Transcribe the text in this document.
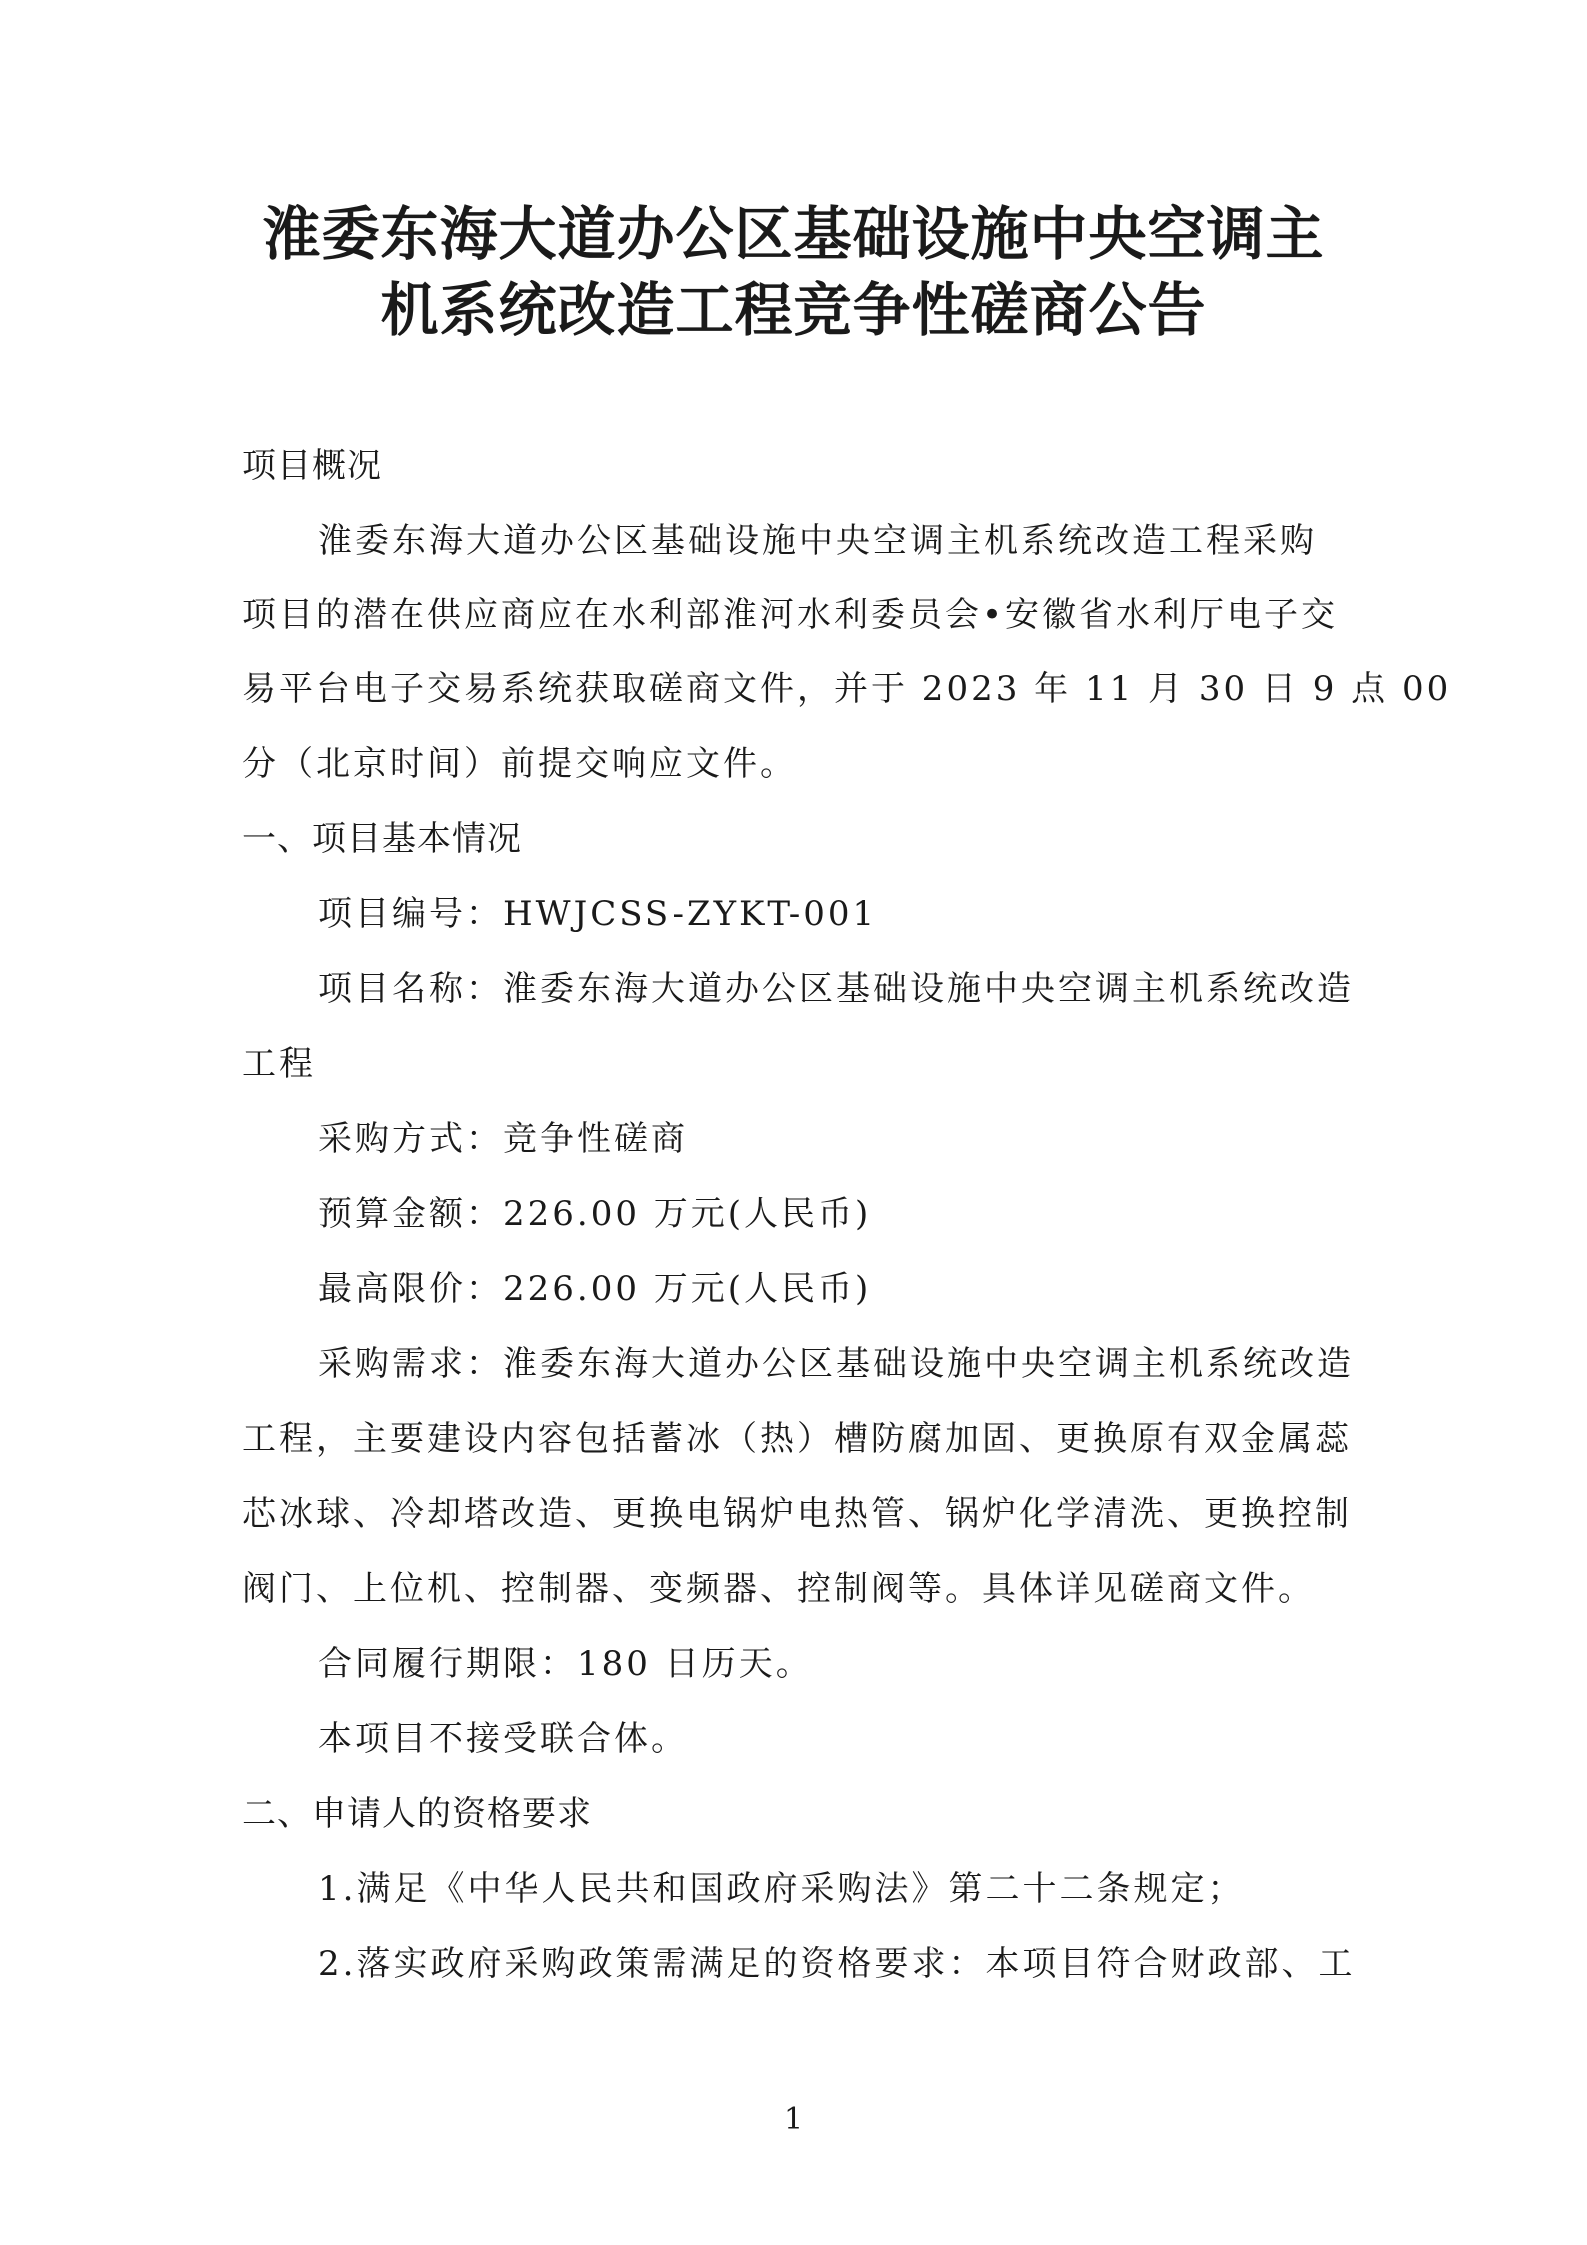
淮委东海大道办公区基础设施中央空调主
机系统改造工程竞争性磋商公告

项目概况

淮委东海大道办公区基础设施中央空调主机系统改造工程采购

项目的潜在供应商应在水利部淮河水利委员会•安徽省水利厅电子交

易平台电子交易系统获取磋商文件，并于 2023 年 11 月 30 日 9 点 00

分（北京时间）前提交响应文件。

一、项目基本情况

项目编号：HWJCSS-ZYKT-001

项目名称：淮委东海大道办公区基础设施中央空调主机系统改造

工程

采购方式：竞争性磋商

预算金额：226.00 万元(人民币)

最高限价：226.00 万元(人民币)

采购需求：淮委东海大道办公区基础设施中央空调主机系统改造

工程，主要建设内容包括蓄冰（热）槽防腐加固、更换原有双金属蕊

芯冰球、冷却塔改造、更换电锅炉电热管、锅炉化学清洗、更换控制

阀门、上位机、控制器、变频器、控制阀等。具体详见磋商文件。

合同履行期限：180 日历天。

本项目不接受联合体。

二、申请人的资格要求

1.满足《中华人民共和国政府采购法》第二十二条规定；

2.落实政府采购政策需满足的资格要求：本项目符合财政部、工

1
